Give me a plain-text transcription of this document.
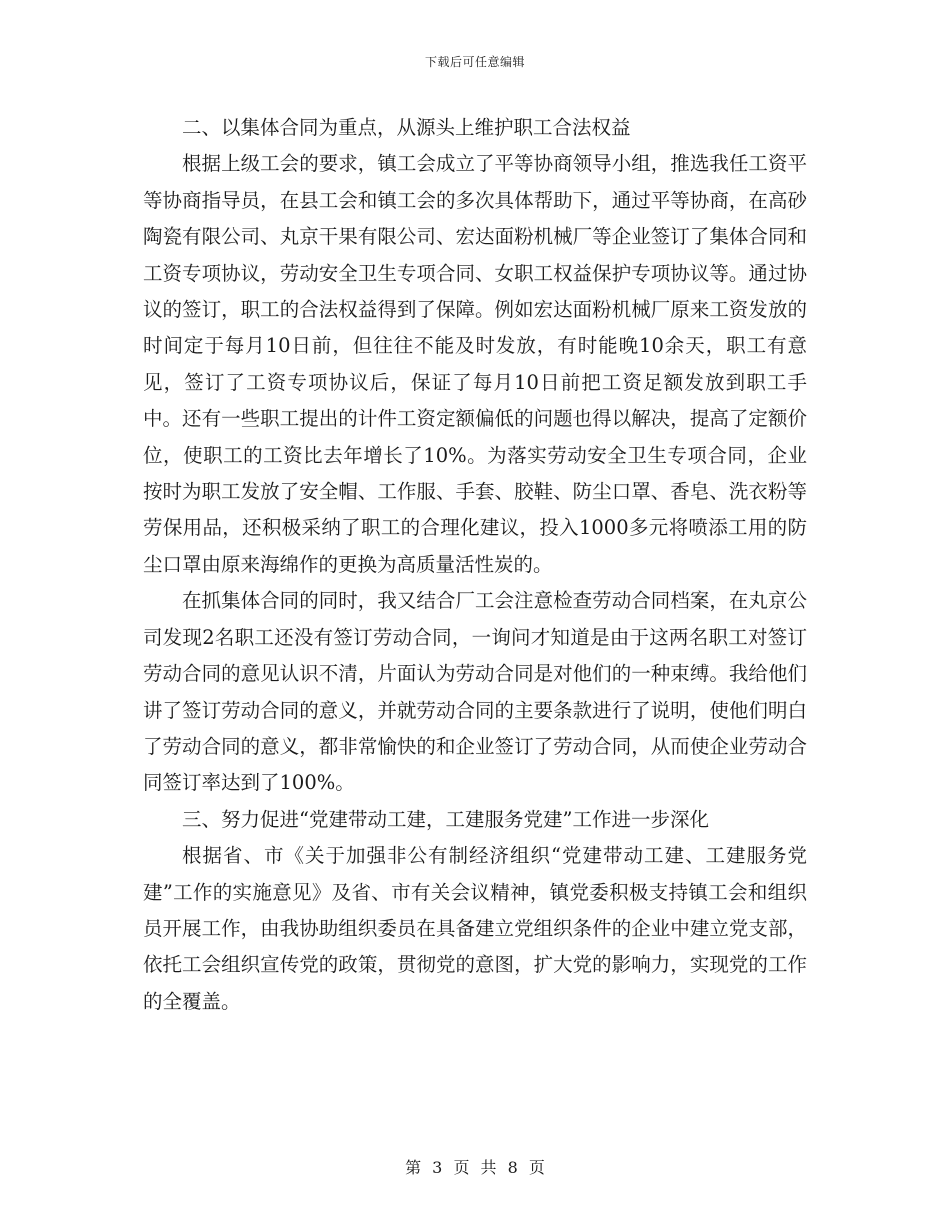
下载后可任意编辑

二、以集体合同为重点，从源头上维护职工合法权益

根据上级工会的要求，镇工会成立了平等协商领导小组，推选我任工资平等协商指导员，在县工会和镇工会的多次具体帮助下，通过平等协商，在高砂陶瓷有限公司、丸京干果有限公司、宏达面粉机械厂等企业签订了集体合同和工资专项协议，劳动安全卫生专项合同、女职工权益保护专项协议等。通过协议的签订，职工的合法权益得到了保障。例如宏达面粉机械厂原来工资发放的时间定于每月10日前，但往往不能及时发放，有时能晚10余天，职工有意见，签订了工资专项协议后，保证了每月10日前把工资足额发放到职工手中。还有一些职工提出的计件工资定额偏低的问题也得以解决，提高了定额价位，使职工的工资比去年增长了10%。为落实劳动安全卫生专项合同，企业按时为职工发放了安全帽、工作服、手套、胶鞋、防尘口罩、香皂、洗衣粉等劳保用品，还积极采纳了职工的合理化建议，投入1000多元将喷添工用的防尘口罩由原来海绵作的更换为高质量活性炭的。

在抓集体合同的同时，我又结合厂工会注意检查劳动合同档案，在丸京公司发现2名职工还没有签订劳动合同，一询问才知道是由于这两名职工对签订劳动合同的意见认识不清，片面认为劳动合同是对他们的一种束缚。我给他们讲了签订劳动合同的意义，并就劳动合同的主要条款进行了说明，使他们明白了劳动合同的意义，都非常愉快的和企业签订了劳动合同，从而使企业劳动合同签订率达到了100%。

三、努力促进“党建带动工建，工建服务党建”工作进一步深化

根据省、市《关于加强非公有制经济组织“党建带动工建、工建服务党建”工作的实施意见》及省、市有关会议精神，镇党委积极支持镇工会和组织员开展工作，由我协助组织委员在具备建立党组织条件的企业中建立党支部，依托工会组织宣传党的政策，贯彻党的意图，扩大党的影响力，实现党的工作的全覆盖。

第 3 页 共 8 页
